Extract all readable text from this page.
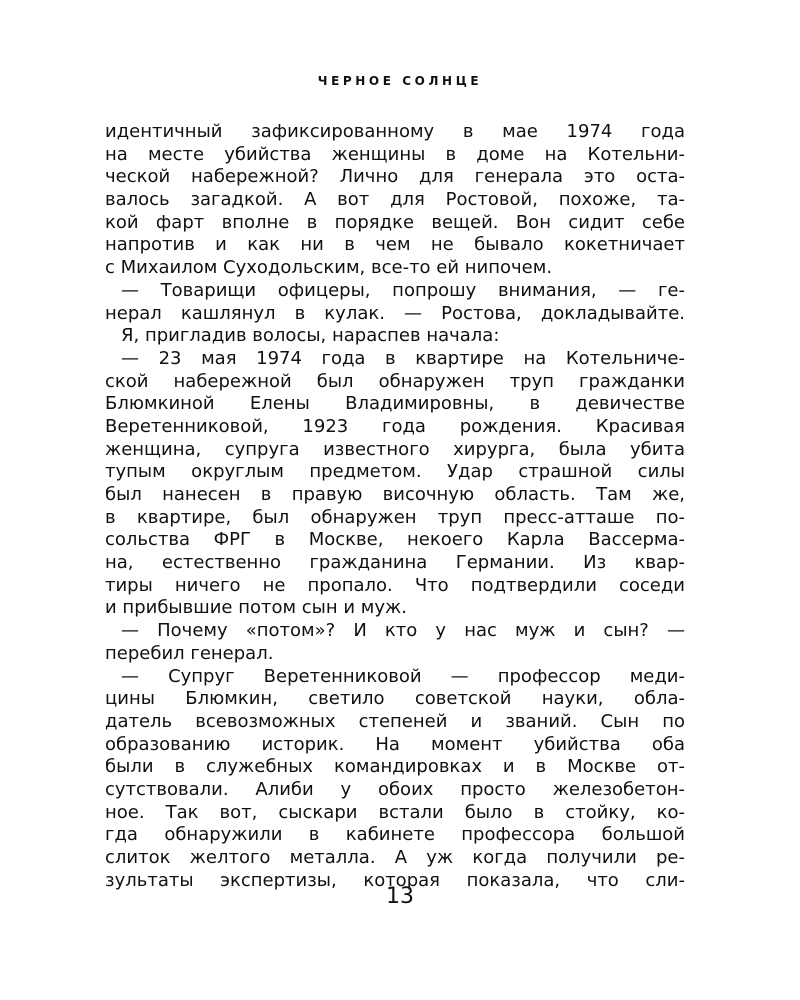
ЧЕРНОЕ СОЛНЦЕ
идентичный зафиксированному в мае 1974 года
на месте убийства женщины в доме на Котельни-
ческой набережной? Лично для генерала это оста-
валось загадкой. А вот для Ростовой, похоже, та-
кой фарт вполне в порядке вещей. Вон сидит себе
напротив и как ни в чем не бывало кокетничает
с Михаилом Суходольским, все-то ей нипочем.
— Товарищи офицеры, попрошу внимания, — ге-
нерал кашлянул в кулак. — Ростова, докладывайте.
Я, пригладив волосы, нараспев начала:
— 23 мая 1974 года в квартире на Котельниче-
ской набережной был обнаружен труп гражданки
Блюмкиной Елены Владимировны, в девичестве
Веретенниковой, 1923 года рождения. Красивая
женщина, супруга известного хирурга, была убита
тупым округлым предметом. Удар страшной силы
был нанесен в правую височную область. Там же,
в квартире, был обнаружен труп пресс-атташе по-
сольства ФРГ в Москве, некоего Карла Вассерма-
на, естественно гражданина Германии. Из квар-
тиры ничего не пропало. Что подтвердили соседи
и прибывшие потом сын и муж.
— Почему «потом»? И кто у нас муж и сын? —
перебил генерал.
— Супруг Веретенниковой — профессор меди-
цины Блюмкин, светило советской науки, обла-
датель всевозможных степеней и званий. Сын по
образованию историк. На момент убийства оба
были в служебных командировках и в Москве от-
сутствовали. Алиби у обоих просто железобетон-
ное. Так вот, сыскари встали было в стойку, ко-
гда обнаружили в кабинете профессора большой
слиток желтого металла. А уж когда получили ре-
зультаты экспертизы, которая показала, что сли-
13
